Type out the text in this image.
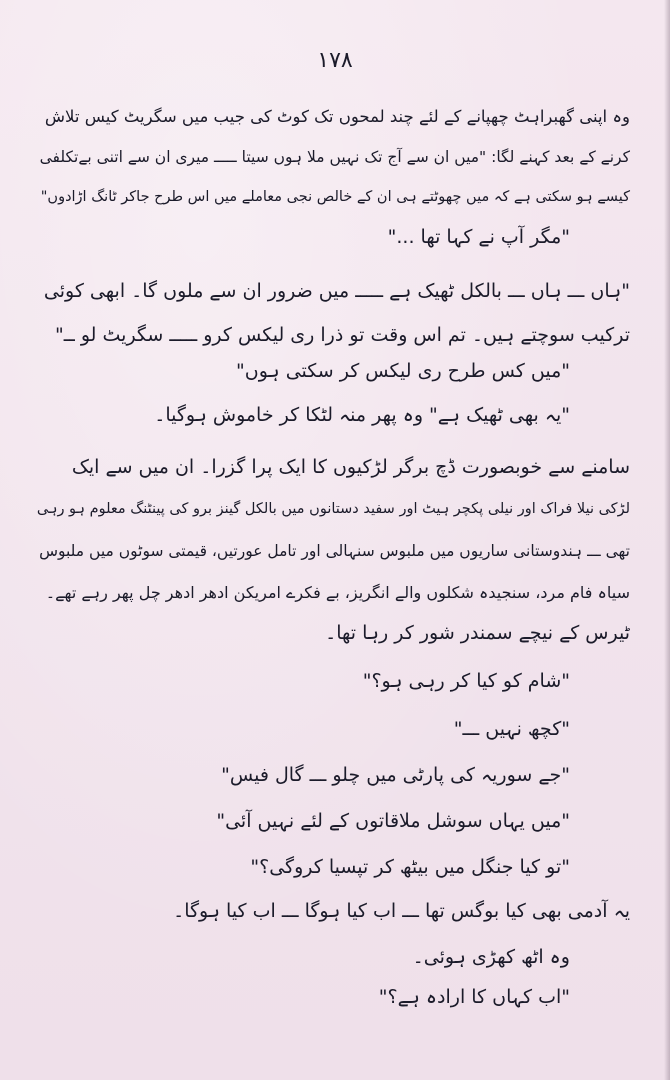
۱۷۸
وہ اپنی گھبراہٹ چھپانے کے لئے چند لمحوں تک کوٹ کی جیب میں سگریٹ کیس تلاش
کرنے کے بعد کہنے لگا: "میں ان سے آج تک نہیں ملا ہوں سیتا ـــــ میری ان سے اتنی بےتکلفی
کیسے ہو سکتی ہے کہ میں چھوٹتے ہی ان کے خالص نجی معاملے میں اس طرح جاکر ٹانگ اڑادوں"
"مگر آپ نے کہا تھا ..."
"ہاں ـــ ہاں ـــ بالکل ٹھیک ہے ـــــ میں ضرور ان سے ملوں گا۔ ابھی کوئی
ترکیب سوچتے ہیں۔ تم اس وقت تو ذرا ری لیکس کرو ـــــ سگریٹ لو ــ"
"میں کس طرح ری لیکس کر سکتی ہوں"
"یہ بھی ٹھیک ہے" وہ پھر منہ لٹکا کر خاموش ہوگیا۔
سامنے سے خوبصورت ڈچ برگر لڑکیوں کا ایک پرا گزرا۔ ان میں سے ایک
لڑکی نیلا فراک اور نیلی پکچر ہیٹ اور سفید دستانوں میں بالکل گینز برو کی پینٹنگ معلوم ہو رہی
تھی ـــ ہندوستانی ساریوں میں ملبوس سنہالی اور تامل عورتیں، قیمتی سوٹوں میں ملبوس
سیاہ فام مرد، سنجیدہ شکلوں والے انگریز، بے فکرے امریکن ادھر ادھر چل پھر رہے تھے۔
ٹیرس کے نیچے سمندر شور کر رہا تھا۔
"شام کو کیا کر رہی ہو؟"
"کچھ نہیں ـــ"
"جے سوریہ کی پارٹی میں چلو ـــ گال فیس"
"میں یہاں سوشل ملاقاتوں کے لئے نہیں آئی"
"تو کیا جنگل میں بیٹھ کر تپسیا کروگی؟"
یہ آدمی بھی کیا بوگس تھا ـــ اب کیا ہوگا ـــ اب کیا ہوگا۔
وہ اٹھ کھڑی ہوئی۔
"اب کہاں کا ارادہ ہے؟"
